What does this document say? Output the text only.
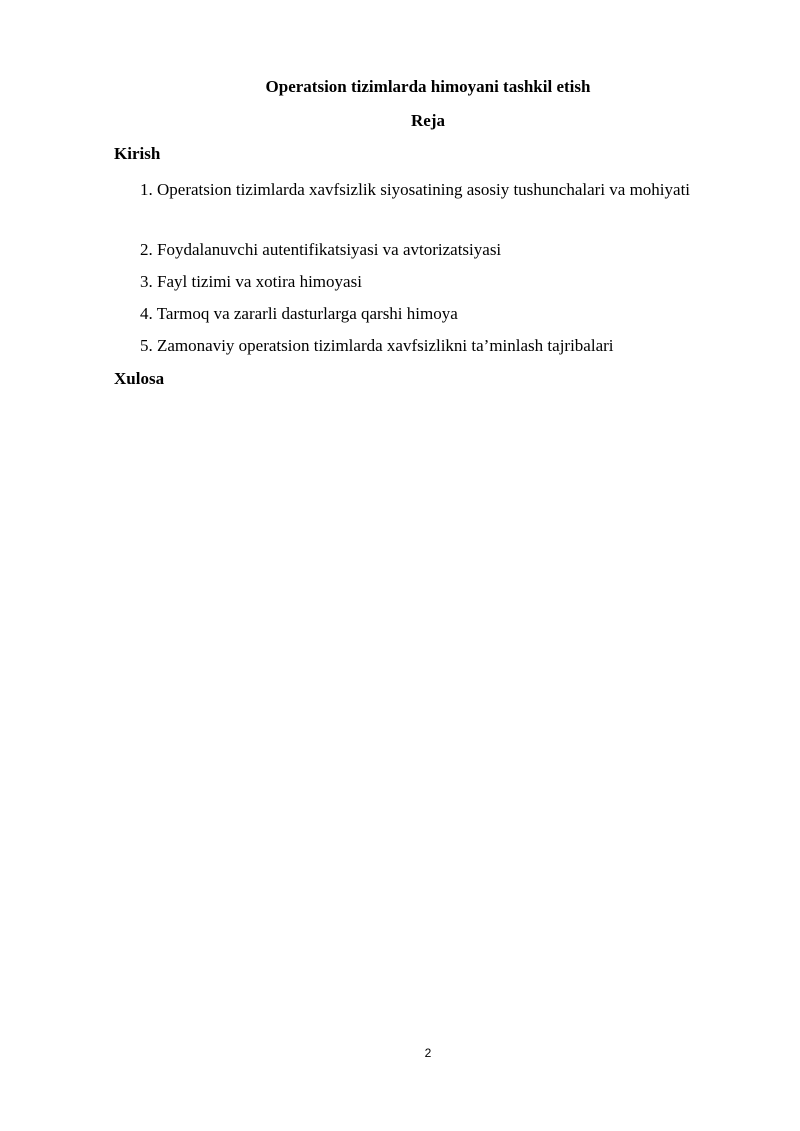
Operatsion tizimlarda himoyani tashkil etish
Reja
Kirish
1. Operatsion tizimlarda xavfsizlik siyosatining asosiy tushunchalari va mohiyati
2. Foydalanuvchi autentifikatsiyasi va avtorizatsiyasi
3. Fayl tizimi va xotira himoyasi
4. Tarmoq va zararli dasturlarga qarshi himoya
5. Zamonaviy operatsion tizimlarda xavfsizlikni ta’minlash tajribalari
Xulosa
2
